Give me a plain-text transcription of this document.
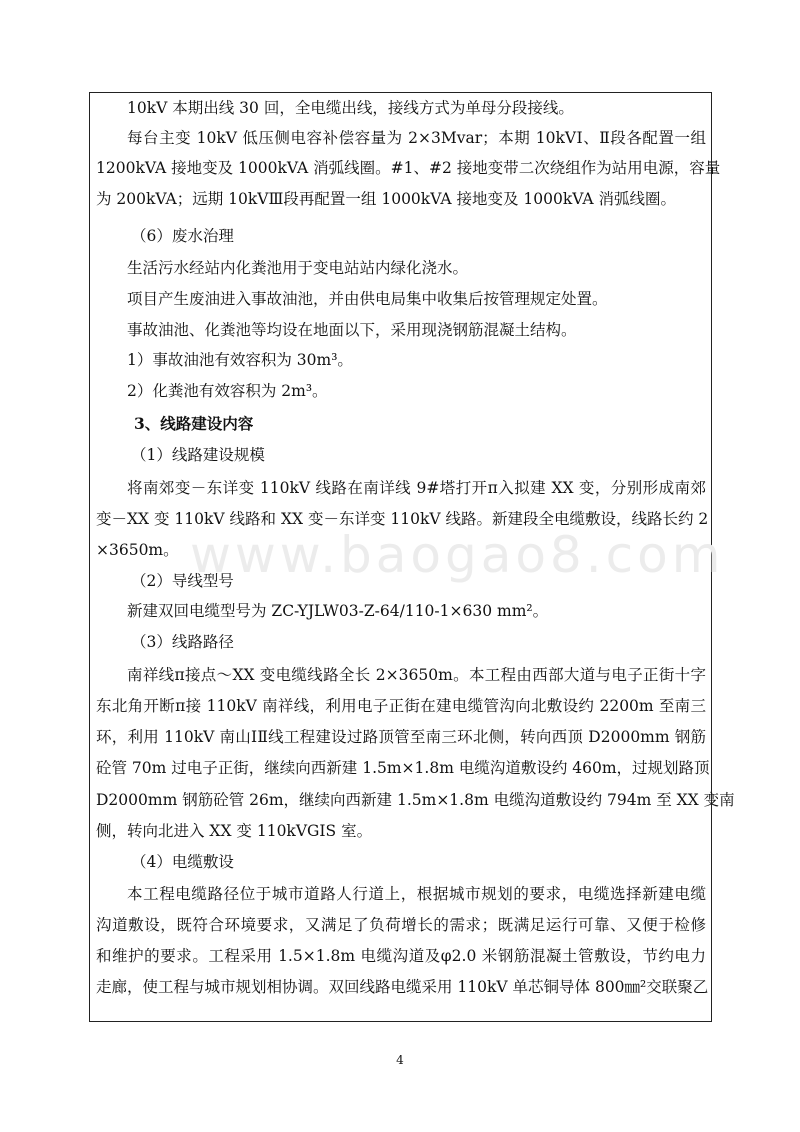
www.baogao8.com
10kV 本期出线 30 回，全电缆出线，接线方式为单母分段接线。
每台主变 10kV 低压侧电容补偿容量为 2×3Mvar；本期 10kVⅠ、Ⅱ段各配置一组
1200kVA 接地变及 1000kVA 消弧线圈。#1、#2 接地变带二次绕组作为站用电源，容量
为 200kVA；远期 10kVⅢ段再配置一组 1000kVA 接地变及 1000kVA 消弧线圈。
（6）废水治理
生活污水经站内化粪池用于变电站站内绿化浇水。
项目产生废油进入事故油池，并由供电局集中收集后按管理规定处置。
事故油池、化粪池等均设在地面以下，采用现浇钢筋混凝土结构。
1）事故油池有效容积为 30m³。
2）化粪池有效容积为 2m³。
3、线路建设内容
（1）线路建设规模
将南郊变－东详变 110kV 线路在南详线 9#塔打开π入拟建 XX 变，分别形成南郊
变－XX 变 110kV 线路和 XX 变－东详变 110kV 线路。新建段全电缆敷设，线路长约 2
×3650m。
（2）导线型号
新建双回电缆型号为 ZC-YJLW03-Z-64/110-1×630 mm²。
（3）线路路径
南祥线π接点～XX 变电缆线路全长 2×3650m。本工程由西部大道与电子正街十字
东北角开断π接 110kV 南祥线，利用电子正街在建电缆管沟向北敷设约 2200m 至南三
环，利用 110kV 南山ⅠⅡ线工程建设过路顶管至南三环北侧，转向西顶 D2000mm 钢筋
砼管 70m 过电子正街，继续向西新建 1.5m×1.8m 电缆沟道敷设约 460m，过规划路顶
D2000mm 钢筋砼管 26m，继续向西新建 1.5m×1.8m 电缆沟道敷设约 794m 至 XX 变南
侧，转向北进入 XX 变 110kVGIS 室。
（4）电缆敷设
本工程电缆路径位于城市道路人行道上，根据城市规划的要求，电缆选择新建电缆
沟道敷设，既符合环境要求，又满足了负荷增长的需求；既满足运行可靠、又便于检修
和维护的要求。工程采用 1.5×1.8m 电缆沟道及φ2.0 米钢筋混凝土管敷设，节约电力
走廊，使工程与城市规划相协调。双回线路电缆采用 110kV 单芯铜导体 800㎜²交联聚乙
4
